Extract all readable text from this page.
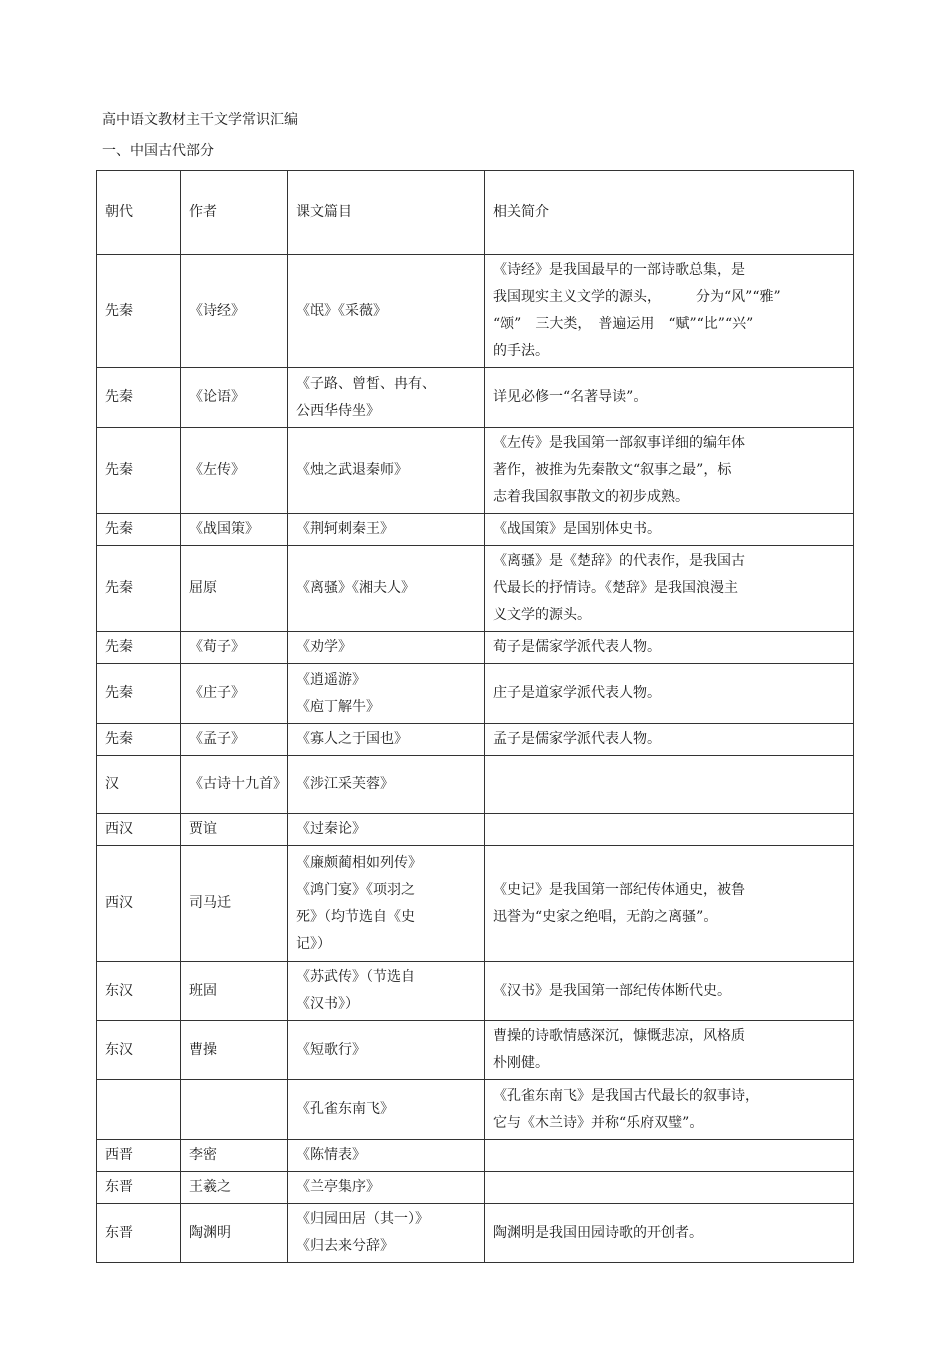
高中语文教材主干文学常识汇编
一、中国古代部分
朝代	作者	课文篇目	相关简介
先秦	《诗经》	《氓》《采薇》	《诗经》是我国最早的一部诗歌总集，是
我国现实主义文学的源头，　　　分为“风”“雅”
“颂”　三大类，　普遍运用　“赋”“比”“兴”
的手法。

先秦	《论语》	《子路、曾皙、冉有、
公西华侍坐》	详见必修一“名著导读”。

先秦	《左传》	《烛之武退秦师》	《左传》是我国第一部叙事详细的编年体
著作，被推为先秦散文“叙事之最”，标
志着我国叙事散文的初步成熟。

先秦	《战国策》	《荆轲刺秦王》	《战国策》是国别体史书。

先秦	屈原	《离骚》《湘夫人》	《离骚》是《楚辞》的代表作，是我国古
代最长的抒情诗。《楚辞》是我国浪漫主
义文学的源头。

先秦	《荀子》	《劝学》	荀子是儒家学派代表人物。

先秦	《庄子》	《逍遥游》
《庖丁解牛》	庄子是道家学派代表人物。

先秦	《孟子》	《寡人之于国也》	孟子是儒家学派代表人物。

汉	《古诗十九首》	《涉江采芙蓉》	

西汉	贾谊	《过秦论》	

西汉	司马迁	《廉颇蔺相如列传》
《鸿门宴》《项羽之
死》（均节选自《史
记》）	《史记》是我国第一部纪传体通史，被鲁
迅誉为“史家之绝唱，无韵之离骚”。

东汉	班固	《苏武传》（节选自
《汉书》）	《汉书》是我国第一部纪传体断代史。

东汉	曹操	《短歌行》	曹操的诗歌情感深沉，慷慨悲凉，风格质
朴刚健。

		《孔雀东南飞》	《孔雀东南飞》是我国古代最长的叙事诗，
它与《木兰诗》并称“乐府双璧”。

西晋	李密	《陈情表》	

东晋	王羲之	《兰亭集序》	

东晋	陶渊明	《归园田居（其一）》
《归去来兮辞》	陶渊明是我国田园诗歌的开创者。
